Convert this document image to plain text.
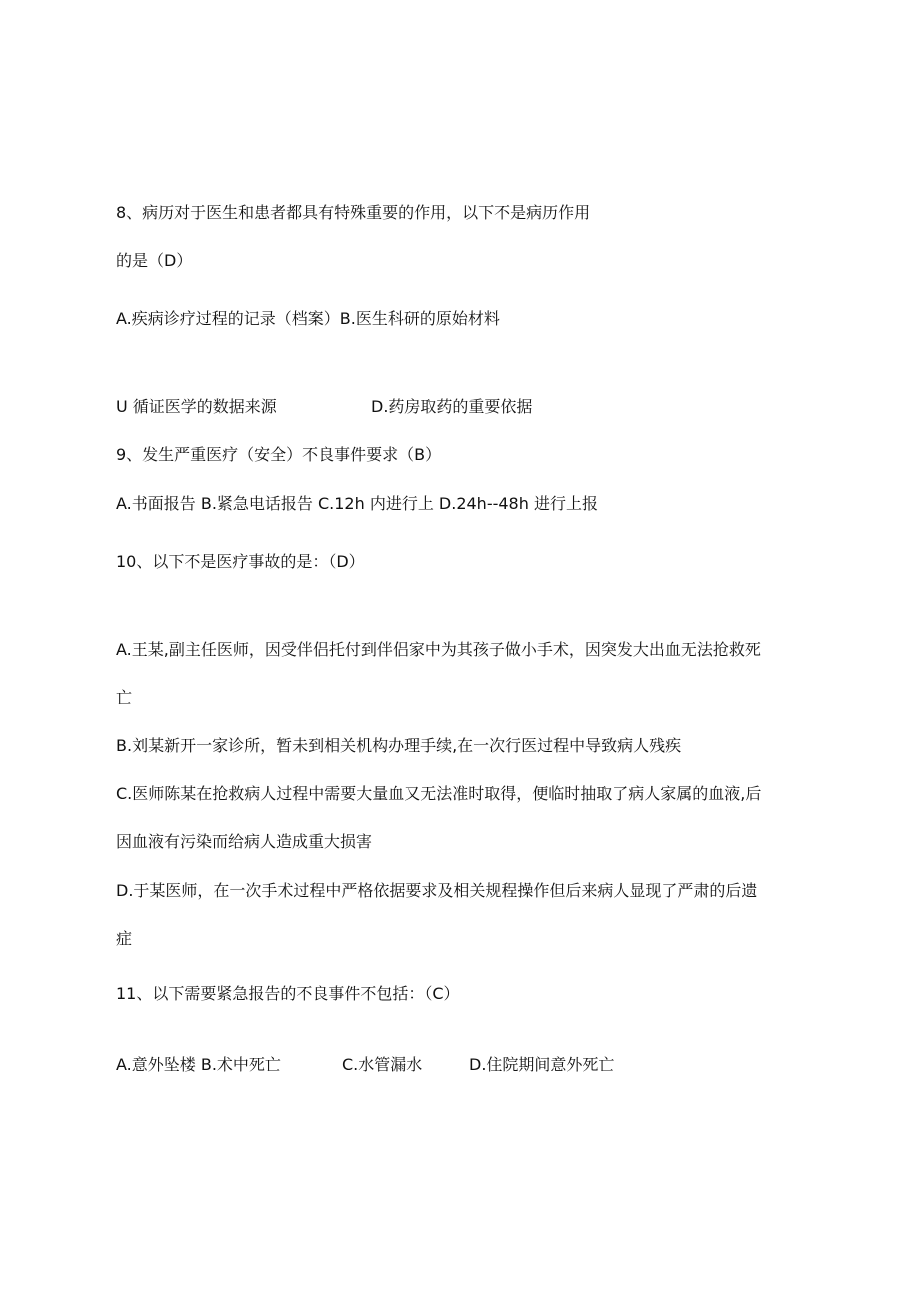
8、病历对于医生和患者都具有特殊重要的作用，以下不是病历作用
的是（D）
A.疾病诊疗过程的记录（档案）B.医生科研的原始材料
U 循证医学的数据来源	D.药房取药的重要依据
9、发生严重医疗（安全）不良事件要求（B）
A.书面报告 B.紧急电话报告 C.12h 内进行上 D.24h--48h 进行上报
10、以下不是医疗事故的是：（D）
A.王某,副主任医师，因受伴侣托付到伴侣家中为其孩子做小手术，因突发大出血无法抢救死
亡
B.刘某新开一家诊所，暂未到相关机构办理手续,在一次行医过程中导致病人残疾
C.医师陈某在抢救病人过程中需要大量血又无法准时取得，便临时抽取了病人家属的血液,后
因血液有污染而给病人造成重大损害
D.于某医师，在一次手术过程中严格依据要求及相关规程操作但后来病人显现了严肃的后遗
症
11、以下需要紧急报告的不良事件不包括：（C）
A.意外坠楼 B.术中死亡	C.水管漏水	D.住院期间意外死亡
